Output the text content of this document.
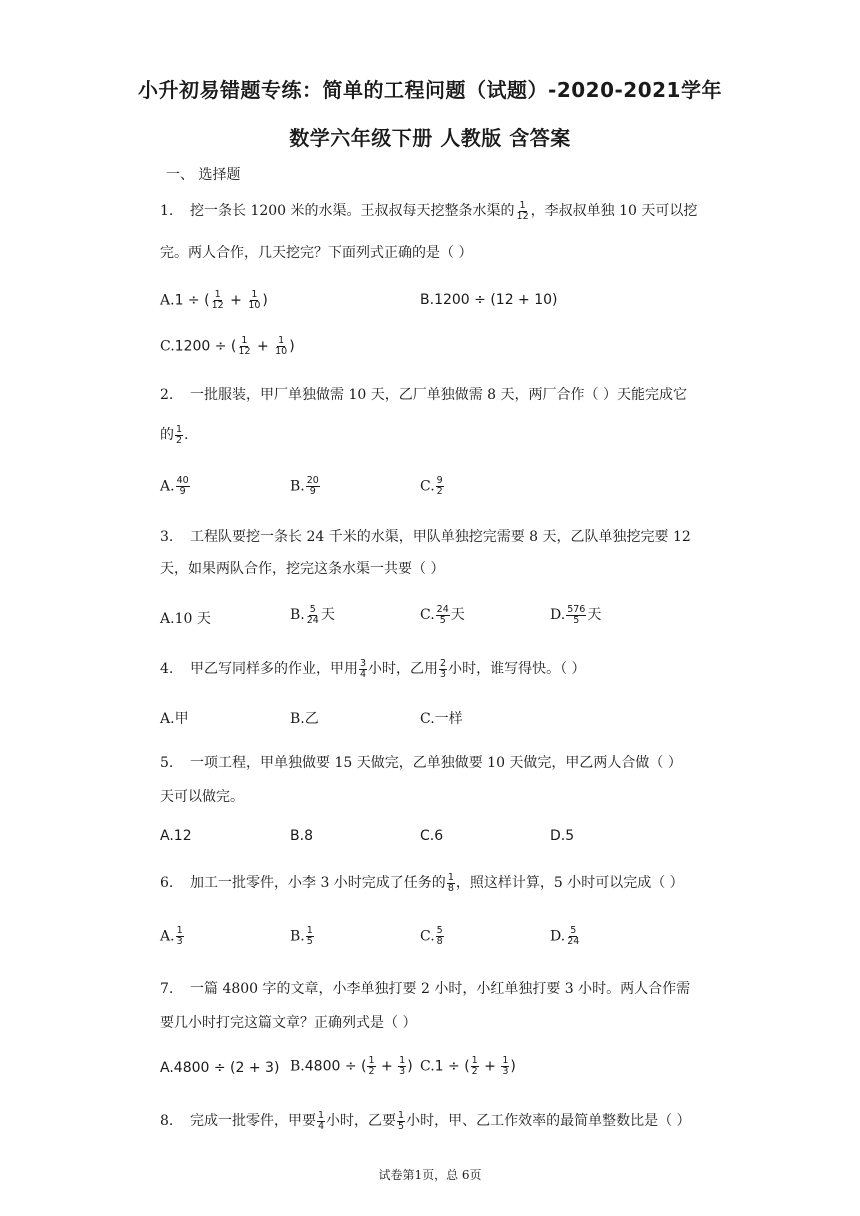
小升初易错题专练：简单的工程问题（试题）-2020-2021学年
数学六年级下册 人教版 含答案
一、 选择题
1. 挖一条长 1200 米的水渠。王叔叔每天挖整条水渠的 $\frac{1}{12}$ ，李叔叔单独 10 天可以挖
完。两人合作，几天挖完？下面列式正确的是（ ）
A.1 ÷ ( $\frac{1}{12} + \frac{1}{10}$ )	B.1200 ÷ (12 + 10)
C.1200 ÷ ( $\frac{1}{12} + \frac{1}{10}$ )
2. 一批服装，甲厂单独做需 10 天，乙厂单独做需 8 天，两厂合作（ ）天能完成它
的 $\frac{1}{2}$ .
A. $\frac{40}{9}$	B. $\frac{20}{9}$	C. $\frac{9}{2}$
3. 工程队要挖一条长 24 千米的水渠，甲队单独挖完需要 8 天，乙队单独挖完要 12
天，如果两队合作，挖完这条水渠一共要（ ）
A.10 天	B. $\frac{5}{24}$ 天	C. $\frac{24}{5}$ 天	D. $\frac{576}{5}$ 天
4. 甲乙写同样多的作业，甲用 $\frac{3}{4}$ 小时，乙用 $\frac{2}{3}$ 小时，谁写得快。（ ）
A.甲	B.乙	C.一样
5. 一项工程，甲单独做要 15 天做完，乙单独做要 10 天做完，甲乙两人合做（ ）
天可以做完。
A.12	B.8	C.6	D.5
6. 加工一批零件，小李 3 小时完成了任务的 $\frac{1}{8}$ ，照这样计算，5 小时可以完成（ ）
A. $\frac{1}{3}$	B. $\frac{1}{5}$	C. $\frac{5}{8}$	D. $\frac{5}{24}$
7. 一篇 4800 字的文章，小李单独打要 2 小时，小红单独打要 3 小时。两人合作需
要几小时打完这篇文章？正确列式是（ ）
A.4800 ÷ (2 + 3) B.4800 ÷ ( $\frac{1}{2} + \frac{1}{3}$ ) C.1 ÷ ( $\frac{1}{2} + \frac{1}{3}$ )
8. 完成一批零件，甲要 $\frac{1}{4}$ 小时，乙要 $\frac{1}{5}$ 小时，甲、乙工作效率的最简单整数比是（ ）
试卷第1页，总 6页
